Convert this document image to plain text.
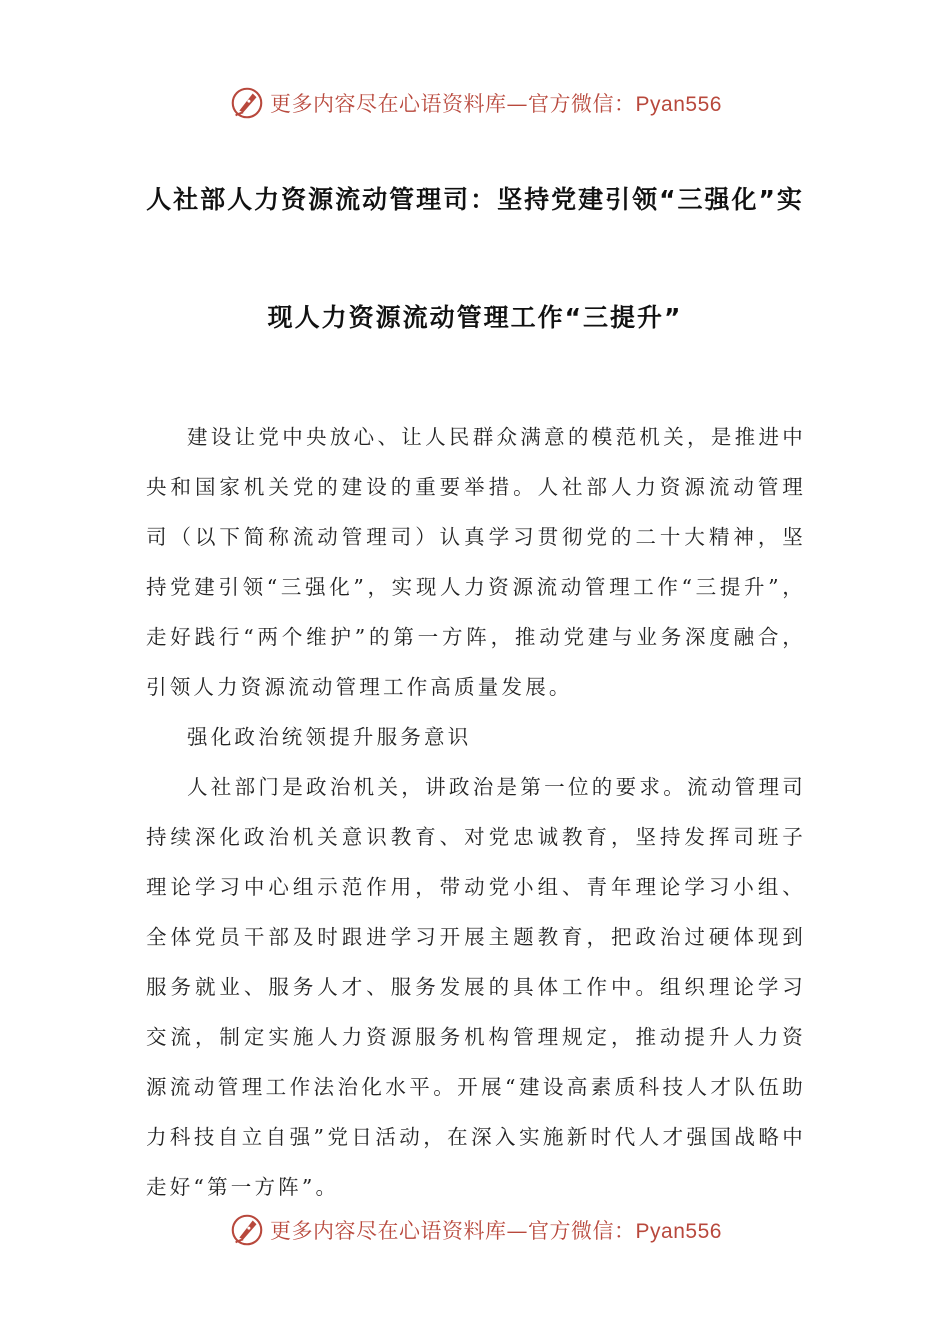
更多内容尽在心语资料库—官方微信：Pyan556
人社部人力资源流动管理司：坚持党建引领“三强化”实
现人力资源流动管理工作“三提升”

建设让党中央放心、让人民群众满意的模范机关，是推进中央和国家机关党的建设的重要举措。人社部人力资源流动管理司（以下简称流动管理司）认真学习贯彻党的二十大精神，坚持党建引领“三强化”，实现人力资源流动管理工作“三提升”，走好践行“两个维护”的第一方阵，推动党建与业务深度融合，引领人力资源流动管理工作高质量发展。

强化政治统领提升服务意识

人社部门是政治机关，讲政治是第一位的要求。流动管理司持续深化政治机关意识教育、对党忠诚教育，坚持发挥司班子理论学习中心组示范作用，带动党小组、青年理论学习小组、全体党员干部及时跟进学习开展主题教育，把政治过硬体现到服务就业、服务人才、服务发展的具体工作中。组织理论学习交流，制定实施人力资源服务机构管理规定，推动提升人力资源流动管理工作法治化水平。开展“建设高素质科技人才队伍助力科技自立自强”党日活动，在深入实施新时代人才强国战略中走好“第一方阵”。

更多内容尽在心语资料库—官方微信：Pyan556
